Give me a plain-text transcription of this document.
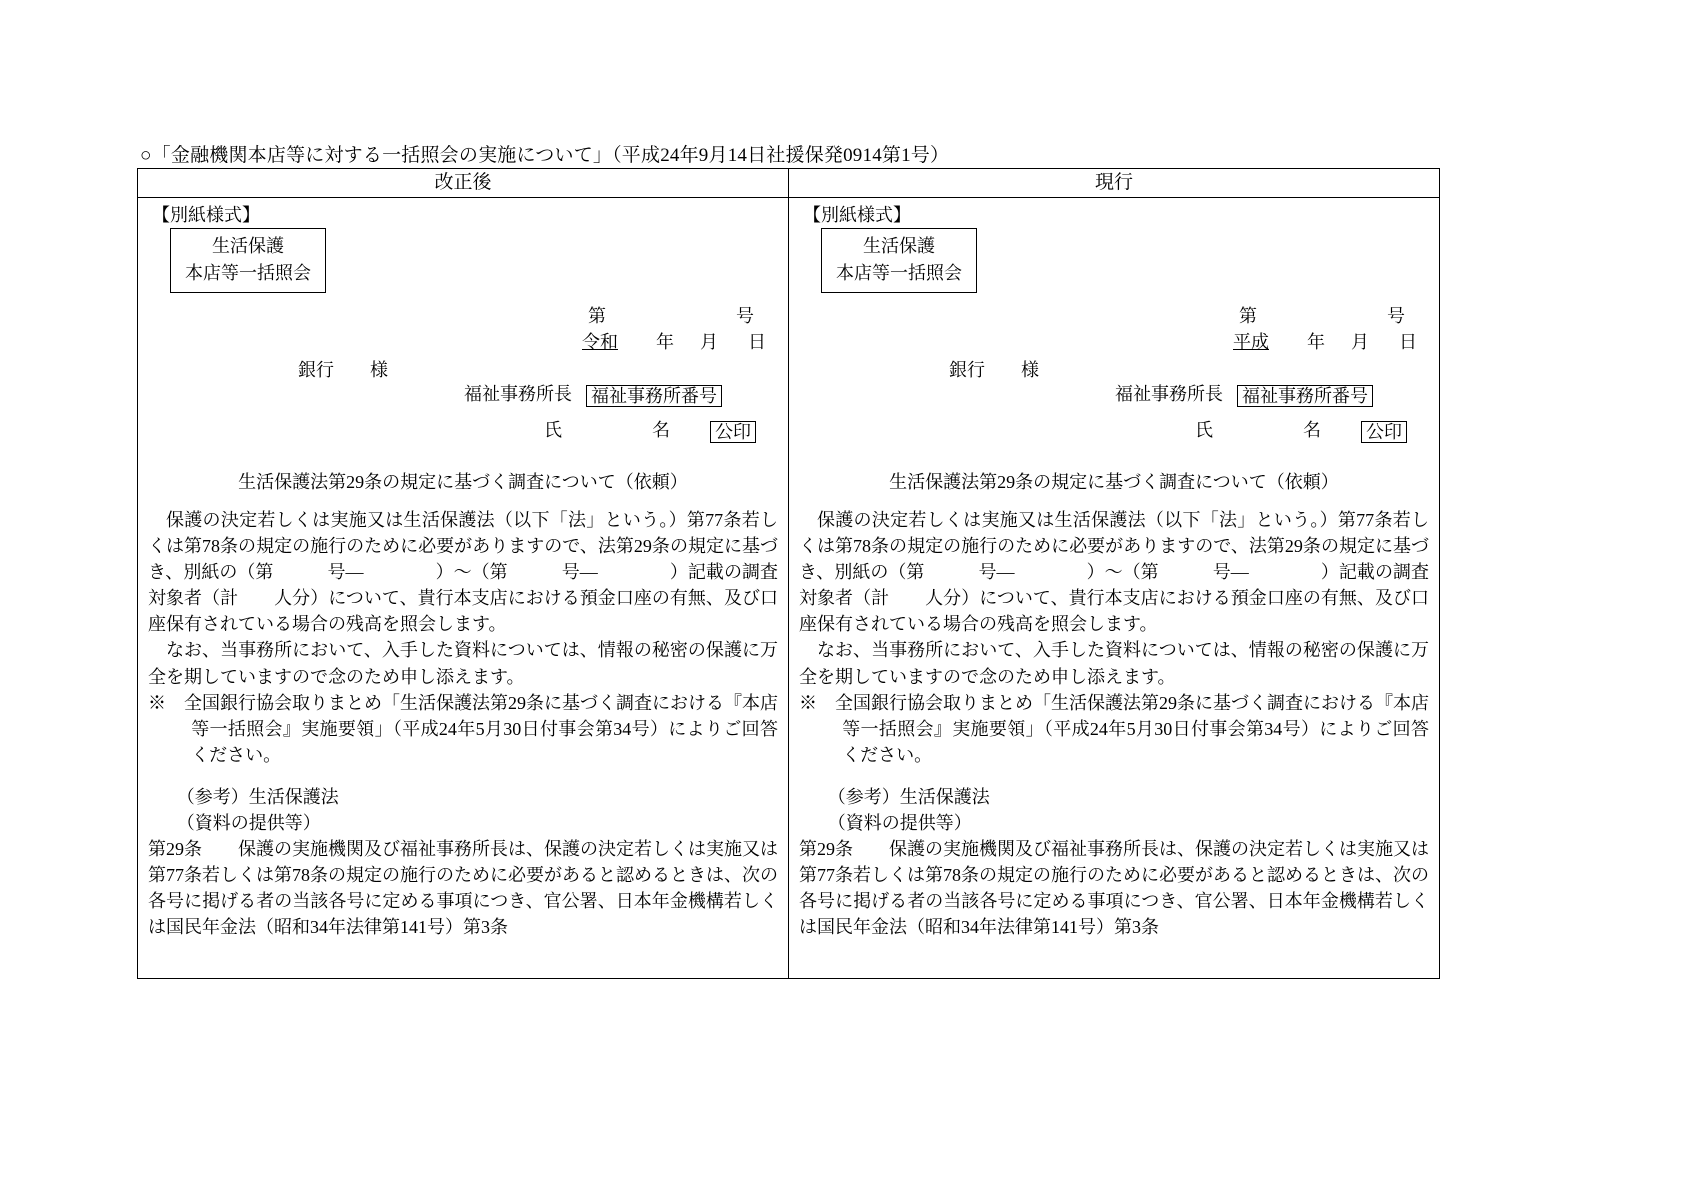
○「金融機関本店等に対する一括照会の実施について」（平成24年9月14日社援保発0914第1号）
改正後	現行

【別紙様式】
生活保護
本店等一括照会
第	号
令和 年 月 日
銀行　　様
福祉事務所長 福祉事務所番号
氏　　　　　名	公印
生活保護法第29条の規定に基づく調査について（依頼）

保護の決定若しくは実施又は生活保護法（以下「法」という。）第77条若しくは第78条の規定の施行のために必要がありますので、法第29条の規定に基づき、別紙の（第　　　号―　　　　）～（第　　　号―　　　　）記載の調査対象者（計　　人分）について、貴行本支店における預金口座の有無、及び口座保有されている場合の残高を照会します。

なお、当事務所において、入手した資料については、情報の秘密の保護に万全を期していますので念のため申し添えます。

※　全国銀行協会取りまとめ「生活保護法第29条に基づく調査における『本店等一括照会』実施要領」（平成24年5月30日付事会第34号）によりご回答ください。

（参考）生活保護法

（資料の提供等）

第29条　　保護の実施機関及び福祉事務所長は、保護の決定若しくは実施又は第77条若しくは第78条の規定の施行のために必要があると認めるときは、次の各号に掲げる者の当該各号に定める事項につき、官公署、日本年金機構若しくは国民年金法（昭和34年法律第141号）第3条

【別紙様式】
生活保護
本店等一括照会
第	号
平成 年 月 日
銀行　　様
福祉事務所長 福祉事務所番号
氏　　　　　名	公印
生活保護法第29条の規定に基づく調査について（依頼）

保護の決定若しくは実施又は生活保護法（以下「法」という。）第77条若しくは第78条の規定の施行のために必要がありますので、法第29条の規定に基づき、別紙の（第　　　号―　　　　）～（第　　　号―　　　　）記載の調査対象者（計　　人分）について、貴行本支店における預金口座の有無、及び口座保有されている場合の残高を照会します。

なお、当事務所において、入手した資料については、情報の秘密の保護に万全を期していますので念のため申し添えます。

※　全国銀行協会取りまとめ「生活保護法第29条に基づく調査における『本店等一括照会』実施要領」（平成24年5月30日付事会第34号）によりご回答ください。

（参考）生活保護法

（資料の提供等）

第29条　　保護の実施機関及び福祉事務所長は、保護の決定若しくは実施又は第77条若しくは第78条の規定の施行のために必要があると認めるときは、次の各号に掲げる者の当該各号に定める事項につき、官公署、日本年金機構若しくは国民年金法（昭和34年法律第141号）第3条
